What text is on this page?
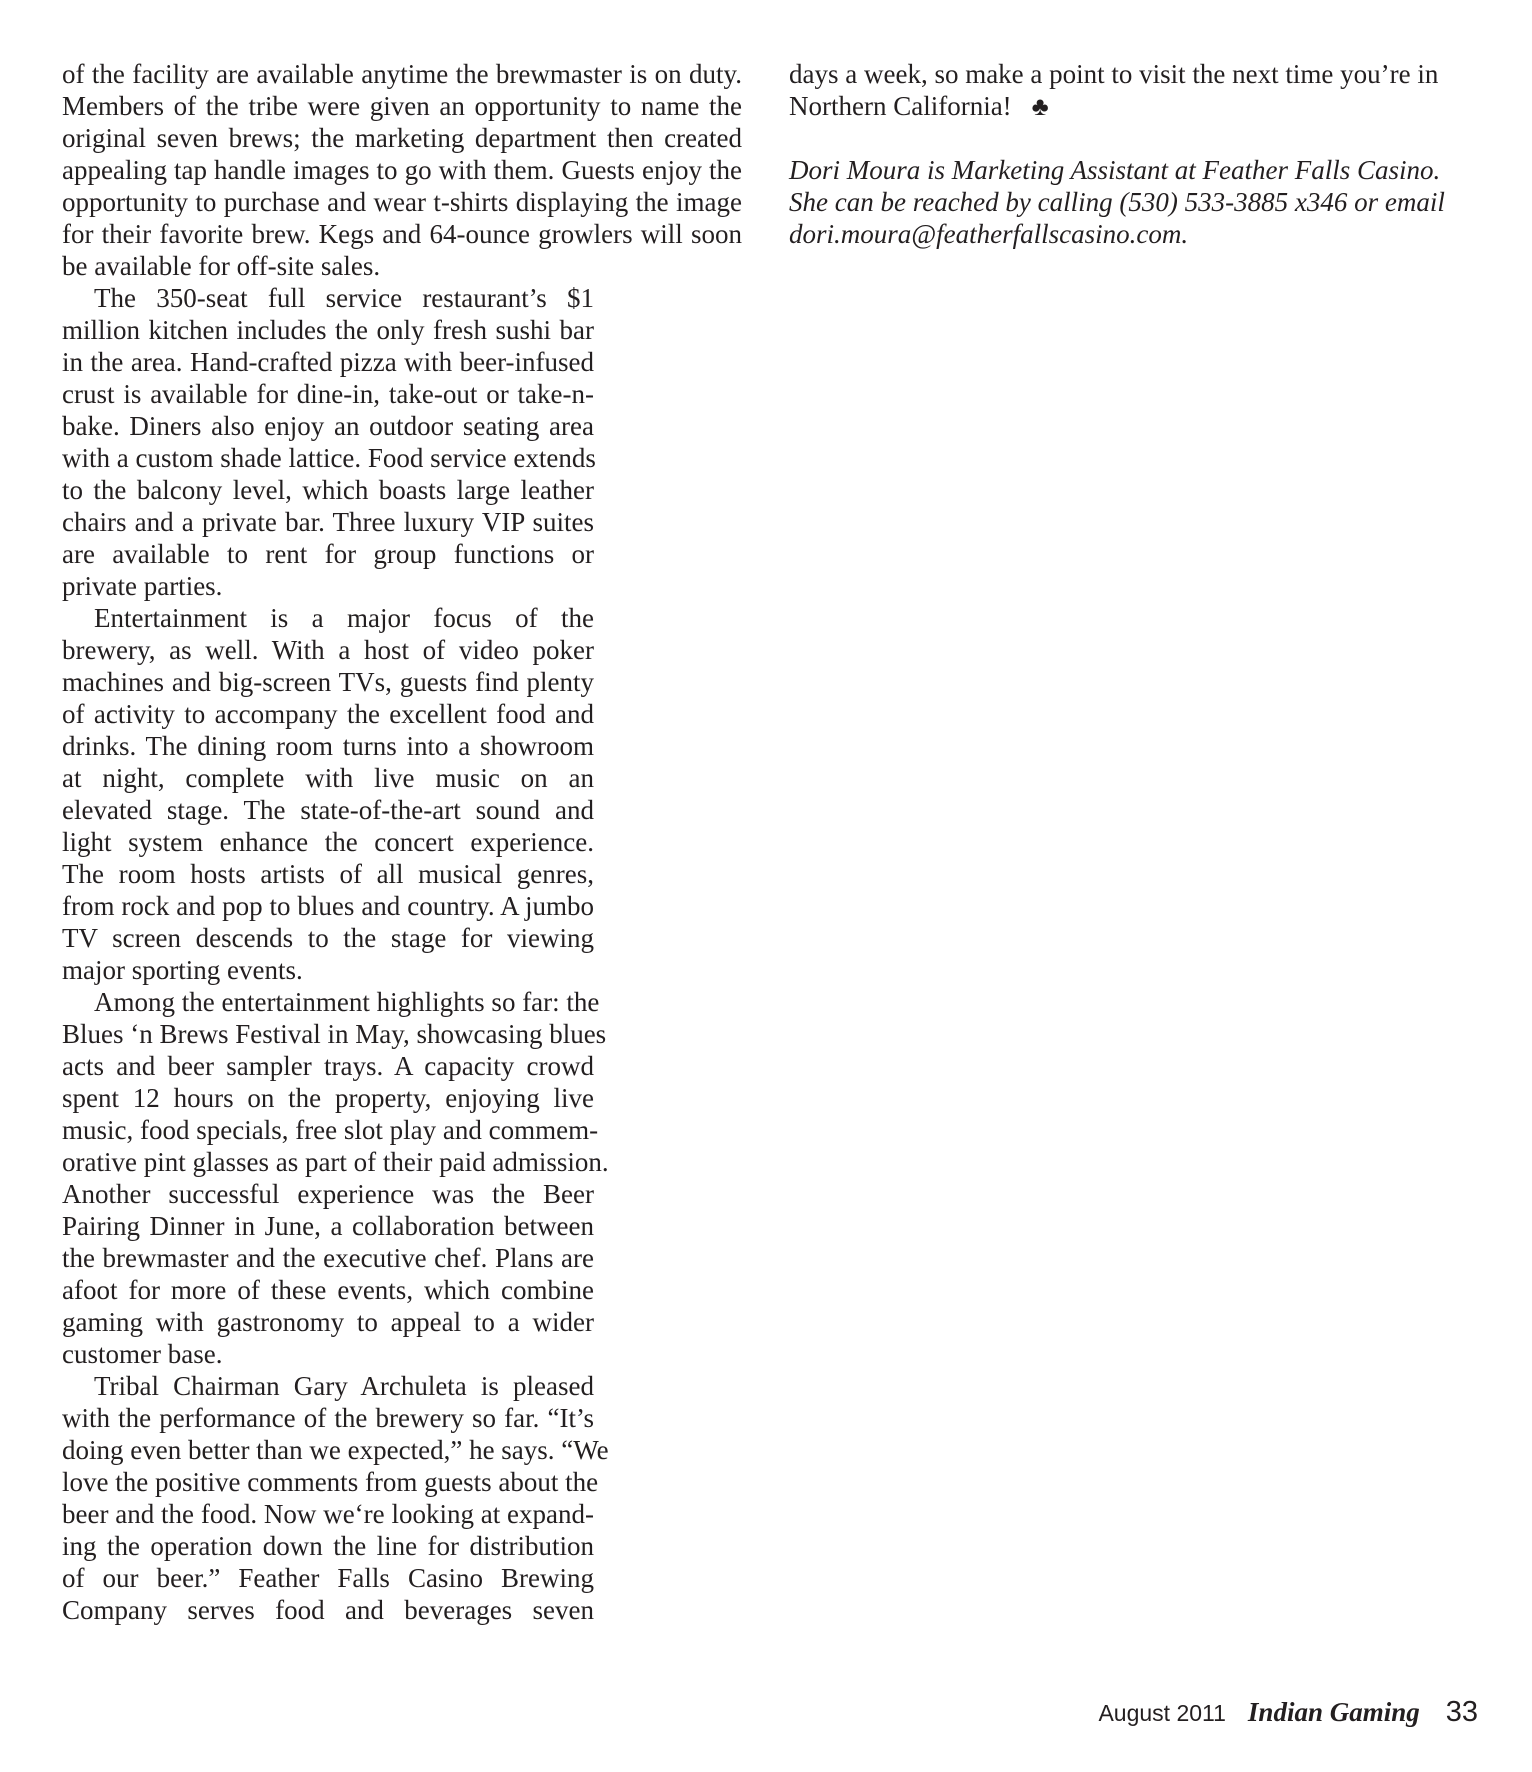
of the facility are available anytime the brewmaster is on duty.
Members of the tribe were given an opportunity to name the
original seven brews; the marketing department then created
appealing tap handle images to go with them. Guests enjoy the
opportunity to purchase and wear t-shirts displaying the image
for their favorite brew. Kegs and 64-ounce growlers will soon
be available for off-site sales.
The 350-seat full service restaurant’s $1
million kitchen includes the only fresh sushi bar
in the area. Hand-crafted pizza with beer-infused
crust is available for dine-in, take-out or take-n-
bake. Diners also enjoy an outdoor seating area
with a custom shade lattice. Food service extends
to the balcony level, which boasts large leather
chairs and a private bar. Three luxury VIP suites
are available to rent for group functions or
private parties.
Entertainment is a major focus of the
brewery, as well. With a host of video poker
machines and big-screen TVs, guests find plenty
of activity to accompany the excellent food and
drinks. The dining room turns into a showroom
at night, complete with live music on an
elevated stage. The state-of-the-art sound and
light system enhance the concert experience.
The room hosts artists of all musical genres,
from rock and pop to blues and country. A jumbo
TV screen descends to the stage for viewing
major sporting events.
Among the entertainment highlights so far: the
Blues ‘n Brews Festival in May, showcasing blues
acts and beer sampler trays. A capacity crowd
spent 12 hours on the property, enjoying live
music, food specials, free slot play and commem-
orative pint glasses as part of their paid admission.
Another successful experience was the Beer
Pairing Dinner in June, a collaboration between
the brewmaster and the executive chef. Plans are
afoot for more of these events, which combine
gaming with gastronomy to appeal to a wider
customer base.
Tribal Chairman Gary Archuleta is pleased
with the performance of the brewery so far. “It’s
doing even better than we expected,” he says. “We
love the positive comments from guests about the
beer and the food. Now we‘re looking at expand-
ing the operation down the line for distribution
of our beer.” Feather Falls Casino Brewing
Company serves food and beverages seven
days a week, so make a point to visit the next time you’re in
Northern California! ♣
Dori Moura is Marketing Assistant at Feather Falls Casino.
She can be reached by calling (530) 533-3885 x346 or email
dori.moura@featherfallscasino.com.
August 2011 Indian Gaming 33
